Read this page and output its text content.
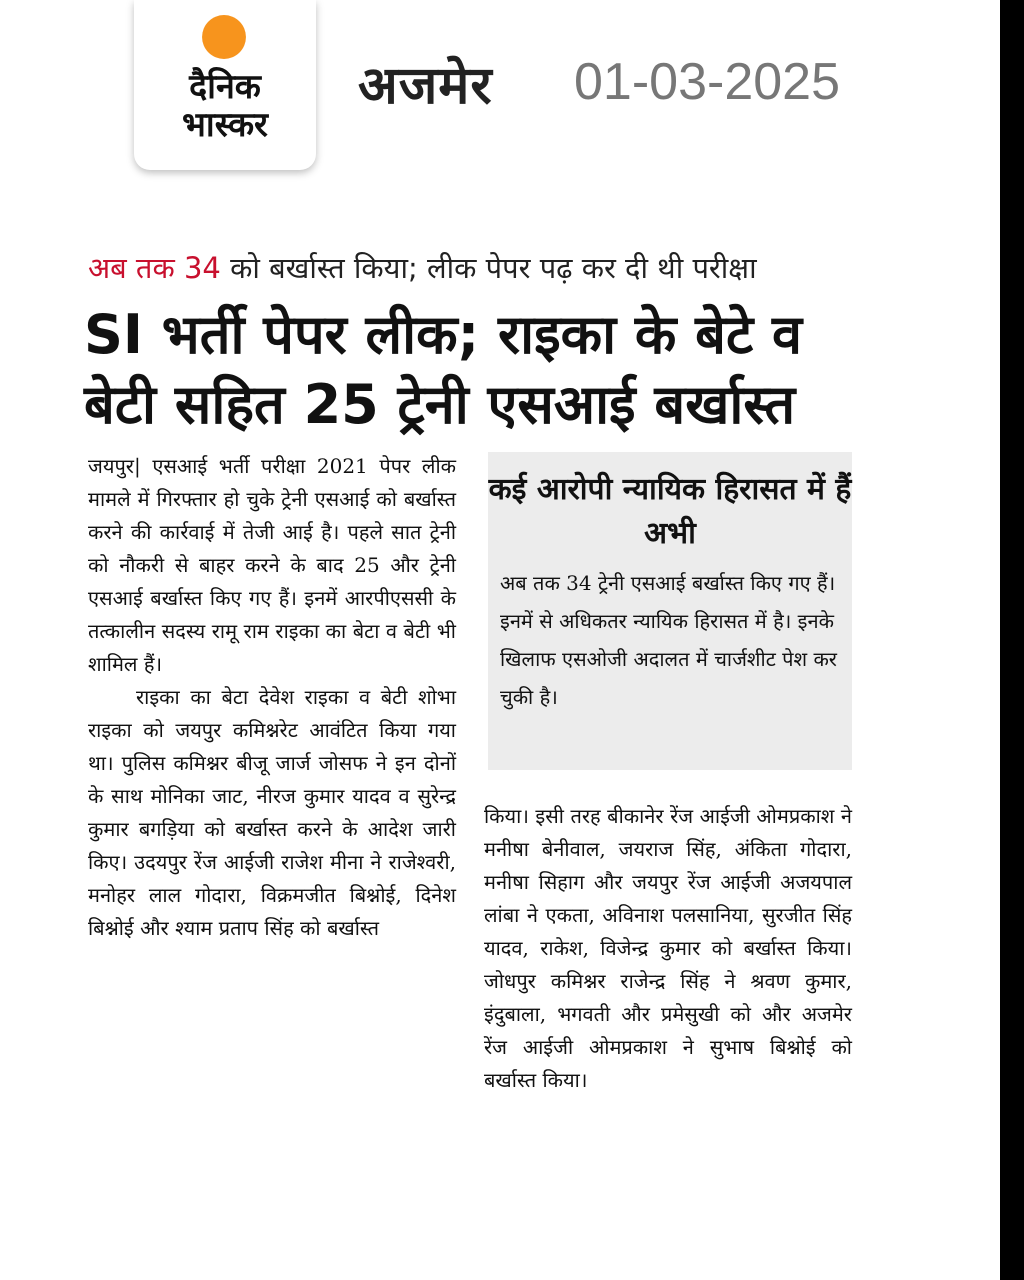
दैनिक
भास्कर
अजमेर 01-03-2025
अब तक 34 को बर्खास्त किया; लीक पेपर पढ़ कर दी थी परीक्षा
SI भर्ती पेपर लीक; राइका के बेटे व बेटी सहित 25 ट्रेनी एसआई बर्खास्त

जयपुर| एसआई भर्ती परीक्षा 2021 पेपर लीक मामले में गिरफ्तार हो चुके ट्रेनी एसआई को बर्खास्त करने की कार्रवाई में तेजी आई है। पहले सात ट्रेनी को नौकरी से बाहर करने के बाद 25 और ट्रेनी एसआई बर्खास्त किए गए हैं। इनमें आरपीएससी के तत्कालीन सदस्य रामू राम राइका का बेटा व बेटी भी शामिल हैं।

राइका का बेटा देवेश राइका व बेटी शोभा राइका को जयपुर कमिश्नरेट आवंटित किया गया था। पुलिस कमिश्नर बीजू जार्ज जोसफ ने इन दोनों के साथ मोनिका जाट, नीरज कुमार यादव व सुरेन्द्र कुमार बगड़िया को बर्खास्त करने के आदेश जारी किए। उदयपुर रेंज आईजी राजेश मीना ने राजेश्वरी, मनोहर लाल गोदारा, विक्रमजीत बिश्नोई, दिनेश बिश्नोई और श्याम प्रताप सिंह को बर्खास्त

कई आरोपी न्यायिक हिरासत में हैं अभी
अब तक 34 ट्रेनी एसआई बर्खास्त किए गए हैं। इनमें से अधिकतर न्यायिक हिरासत में है। इनके खिलाफ एसओजी अदालत में चार्जशीट पेश कर चुकी है।

किया। इसी तरह बीकानेर रेंज आईजी ओमप्रकाश ने मनीषा बेनीवाल, जयराज सिंह, अंकिता गोदारा, मनीषा सिहाग और जयपुर रेंज आईजी अजयपाल लांबा ने एकता, अविनाश पलसानिया, सुरजीत सिंह यादव, राकेश, विजेन्द्र कुमार को बर्खास्त किया। जोधपुर कमिश्नर राजेन्द्र सिंह ने श्रवण कुमार, इंदुबाला, भगवती और प्रमेसुखी को और अजमेर रेंज आईजी ओमप्रकाश ने सुभाष बिश्नोई को बर्खास्त किया।
